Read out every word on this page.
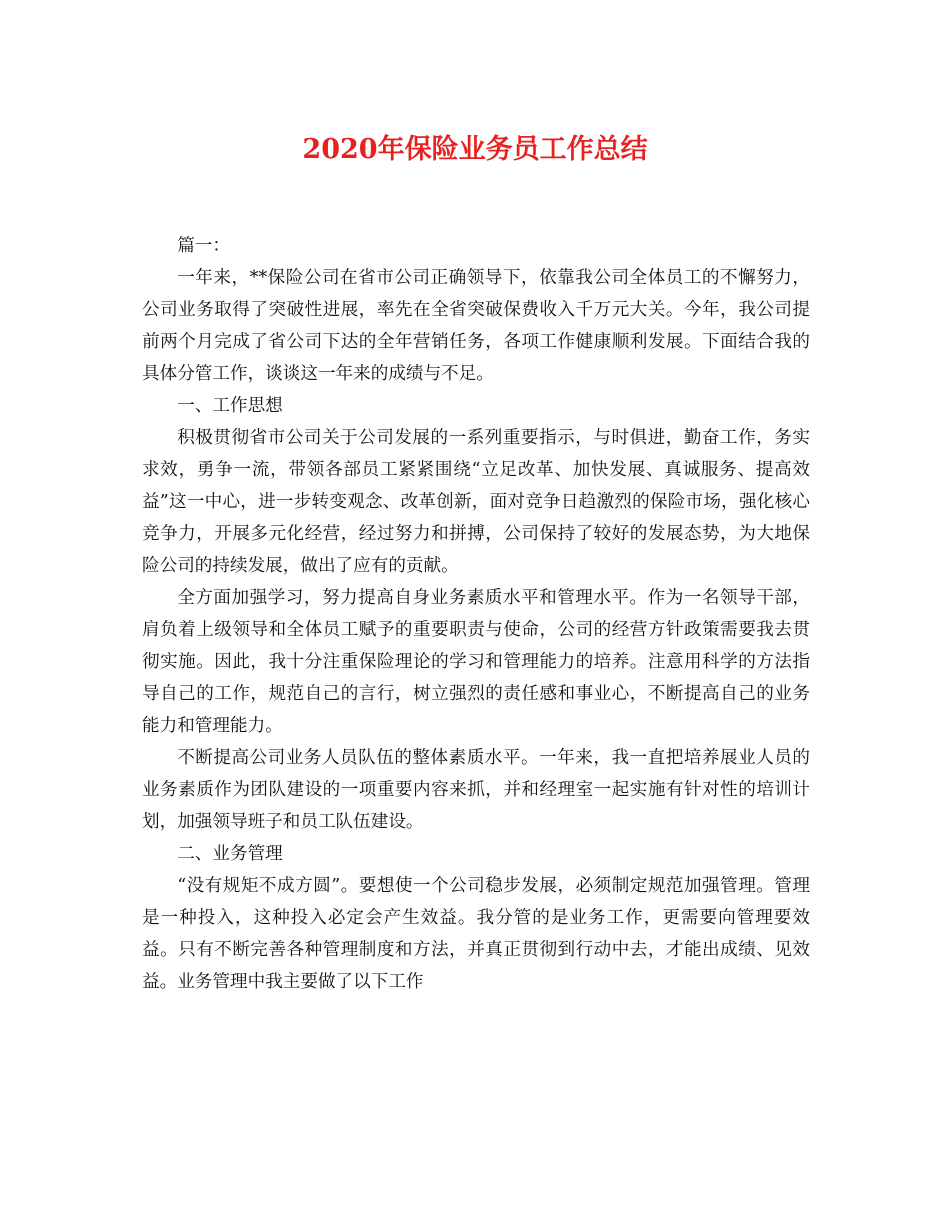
2020年保险业务员工作总结

篇一：

一年来，**保险公司在省市公司正确领导下，依靠我公司全体员工的不懈努力，公司业务取得了突破性进展，率先在全省突破保费收入千万元大关。今年，我公司提前两个月完成了省公司下达的全年营销任务，各项工作健康顺利发展。下面结合我的具体分管工作，谈谈这一年来的成绩与不足。

一、工作思想

积极贯彻省市公司关于公司发展的一系列重要指示，与时俱进，勤奋工作，务实求效，勇争一流，带领各部员工紧紧围绕“立足改革、加快发展、真诚服务、提高效益”这一中心，进一步转变观念、改革创新，面对竞争日趋激烈的保险市场，强化核心竞争力，开展多元化经营，经过努力和拼搏，公司保持了较好的发展态势，为大地保险公司的持续发展，做出了应有的贡献。

全方面加强学习，努力提高自身业务素质水平和管理水平。作为一名领导干部，肩负着上级领导和全体员工赋予的重要职责与使命，公司的经营方针政策需要我去贯彻实施。因此，我十分注重保险理论的学习和管理能力的培养。注意用科学的方法指导自己的工作，规范自己的言行，树立强烈的责任感和事业心，不断提高自己的业务能力和管理能力。

不断提高公司业务人员队伍的整体素质水平。一年来，我一直把培养展业人员的业务素质作为团队建设的一项重要内容来抓，并和经理室一起实施有针对性的培训计划，加强领导班子和员工队伍建设。

二、业务管理

“没有规矩不成方圆”。要想使一个公司稳步发展，必须制定规范加强管理。管理是一种投入，这种投入必定会产生效益。我分管的是业务工作，更需要向管理要效益。只有不断完善各种管理制度和方法，并真正贯彻到行动中去，才能出成绩、见效益。业务管理中我主要做了以下工作
